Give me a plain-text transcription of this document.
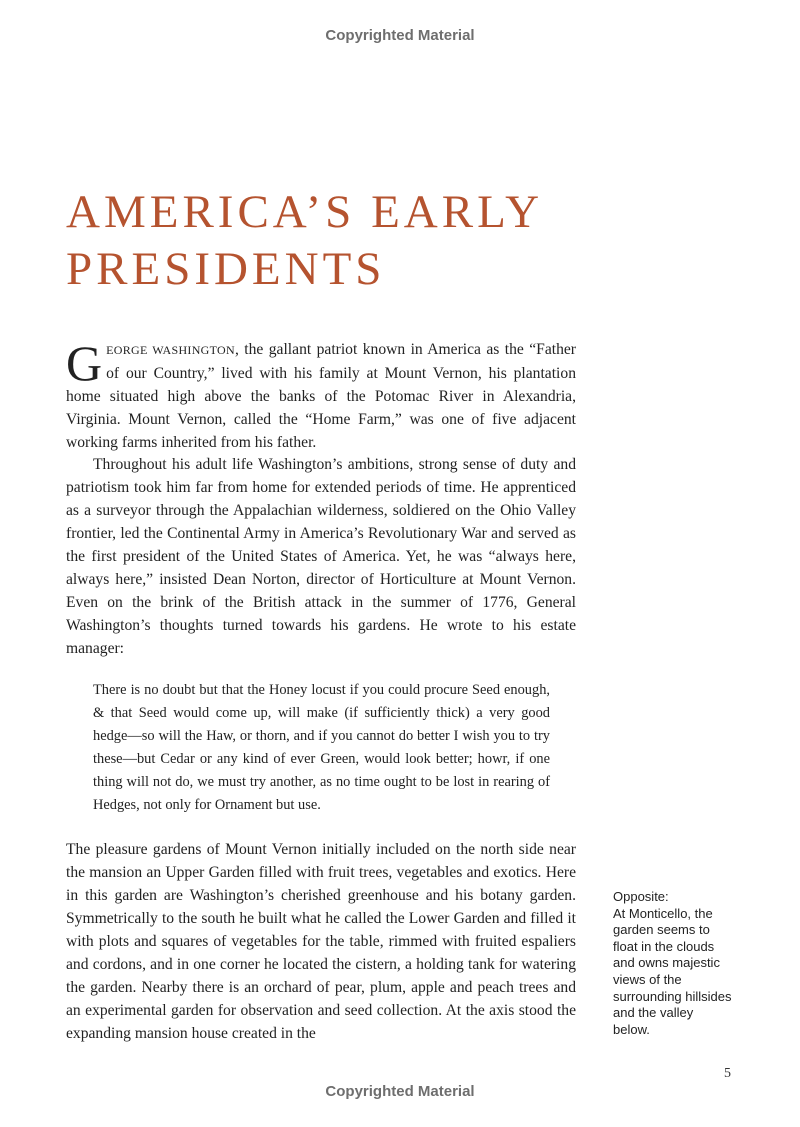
Copyrighted Material
AMERICA’S EARLY
PRESIDENTS
GEORGE WASHINGTON, the gallant patriot known in America as the “Father of our Country,” lived with his family at Mount Vernon, his plantation home situated high above the banks of the Potomac River in Alexandria, Virginia. Mount Vernon, called the “Home Farm,” was one of five adjacent working farms inherited from his father.
Throughout his adult life Washington’s ambitions, strong sense of duty and patriotism took him far from home for extended periods of time. He apprenticed as a surveyor through the Appalachian wilderness, soldiered on the Ohio Valley frontier, led the Continental Army in America’s Revolutionary War and served as the first president of the United States of America. Yet, he was “always here, always here,” insisted Dean Norton, director of Horticulture at Mount Vernon. Even on the brink of the British attack in the summer of 1776, General Washington’s thoughts turned towards his gardens. He wrote to his estate manager:
There is no doubt but that the Honey locust if you could procure Seed enough, & that Seed would come up, will make (if sufficiently thick) a very good hedge—so will the Haw, or thorn, and if you cannot do better I wish you to try these—but Cedar or any kind of ever Green, would look better; howr, if one thing will not do, we must try another, as no time ought to be lost in rearing of Hedges, not only for Ornament but use.
The pleasure gardens of Mount Vernon initially included on the north side near the mansion an Upper Garden filled with fruit trees, vegetables and exotics. Here in this garden are Washington’s cherished greenhouse and his botany garden. Symmetrically to the south he built what he called the Lower Garden and filled it with plots and squares of vegetables for the table, rimmed with fruited espaliers and cordons, and in one corner he located the cistern, a holding tank for watering the garden. Nearby there is an orchard of pear, plum, apple and peach trees and an experimental garden for observation and seed collection. At the axis stood the expanding mansion house created in the
Opposite:
At Monticello, the garden seems to float in the clouds and owns majestic views of the surrounding hillsides and the valley below.
5
Copyrighted Material
